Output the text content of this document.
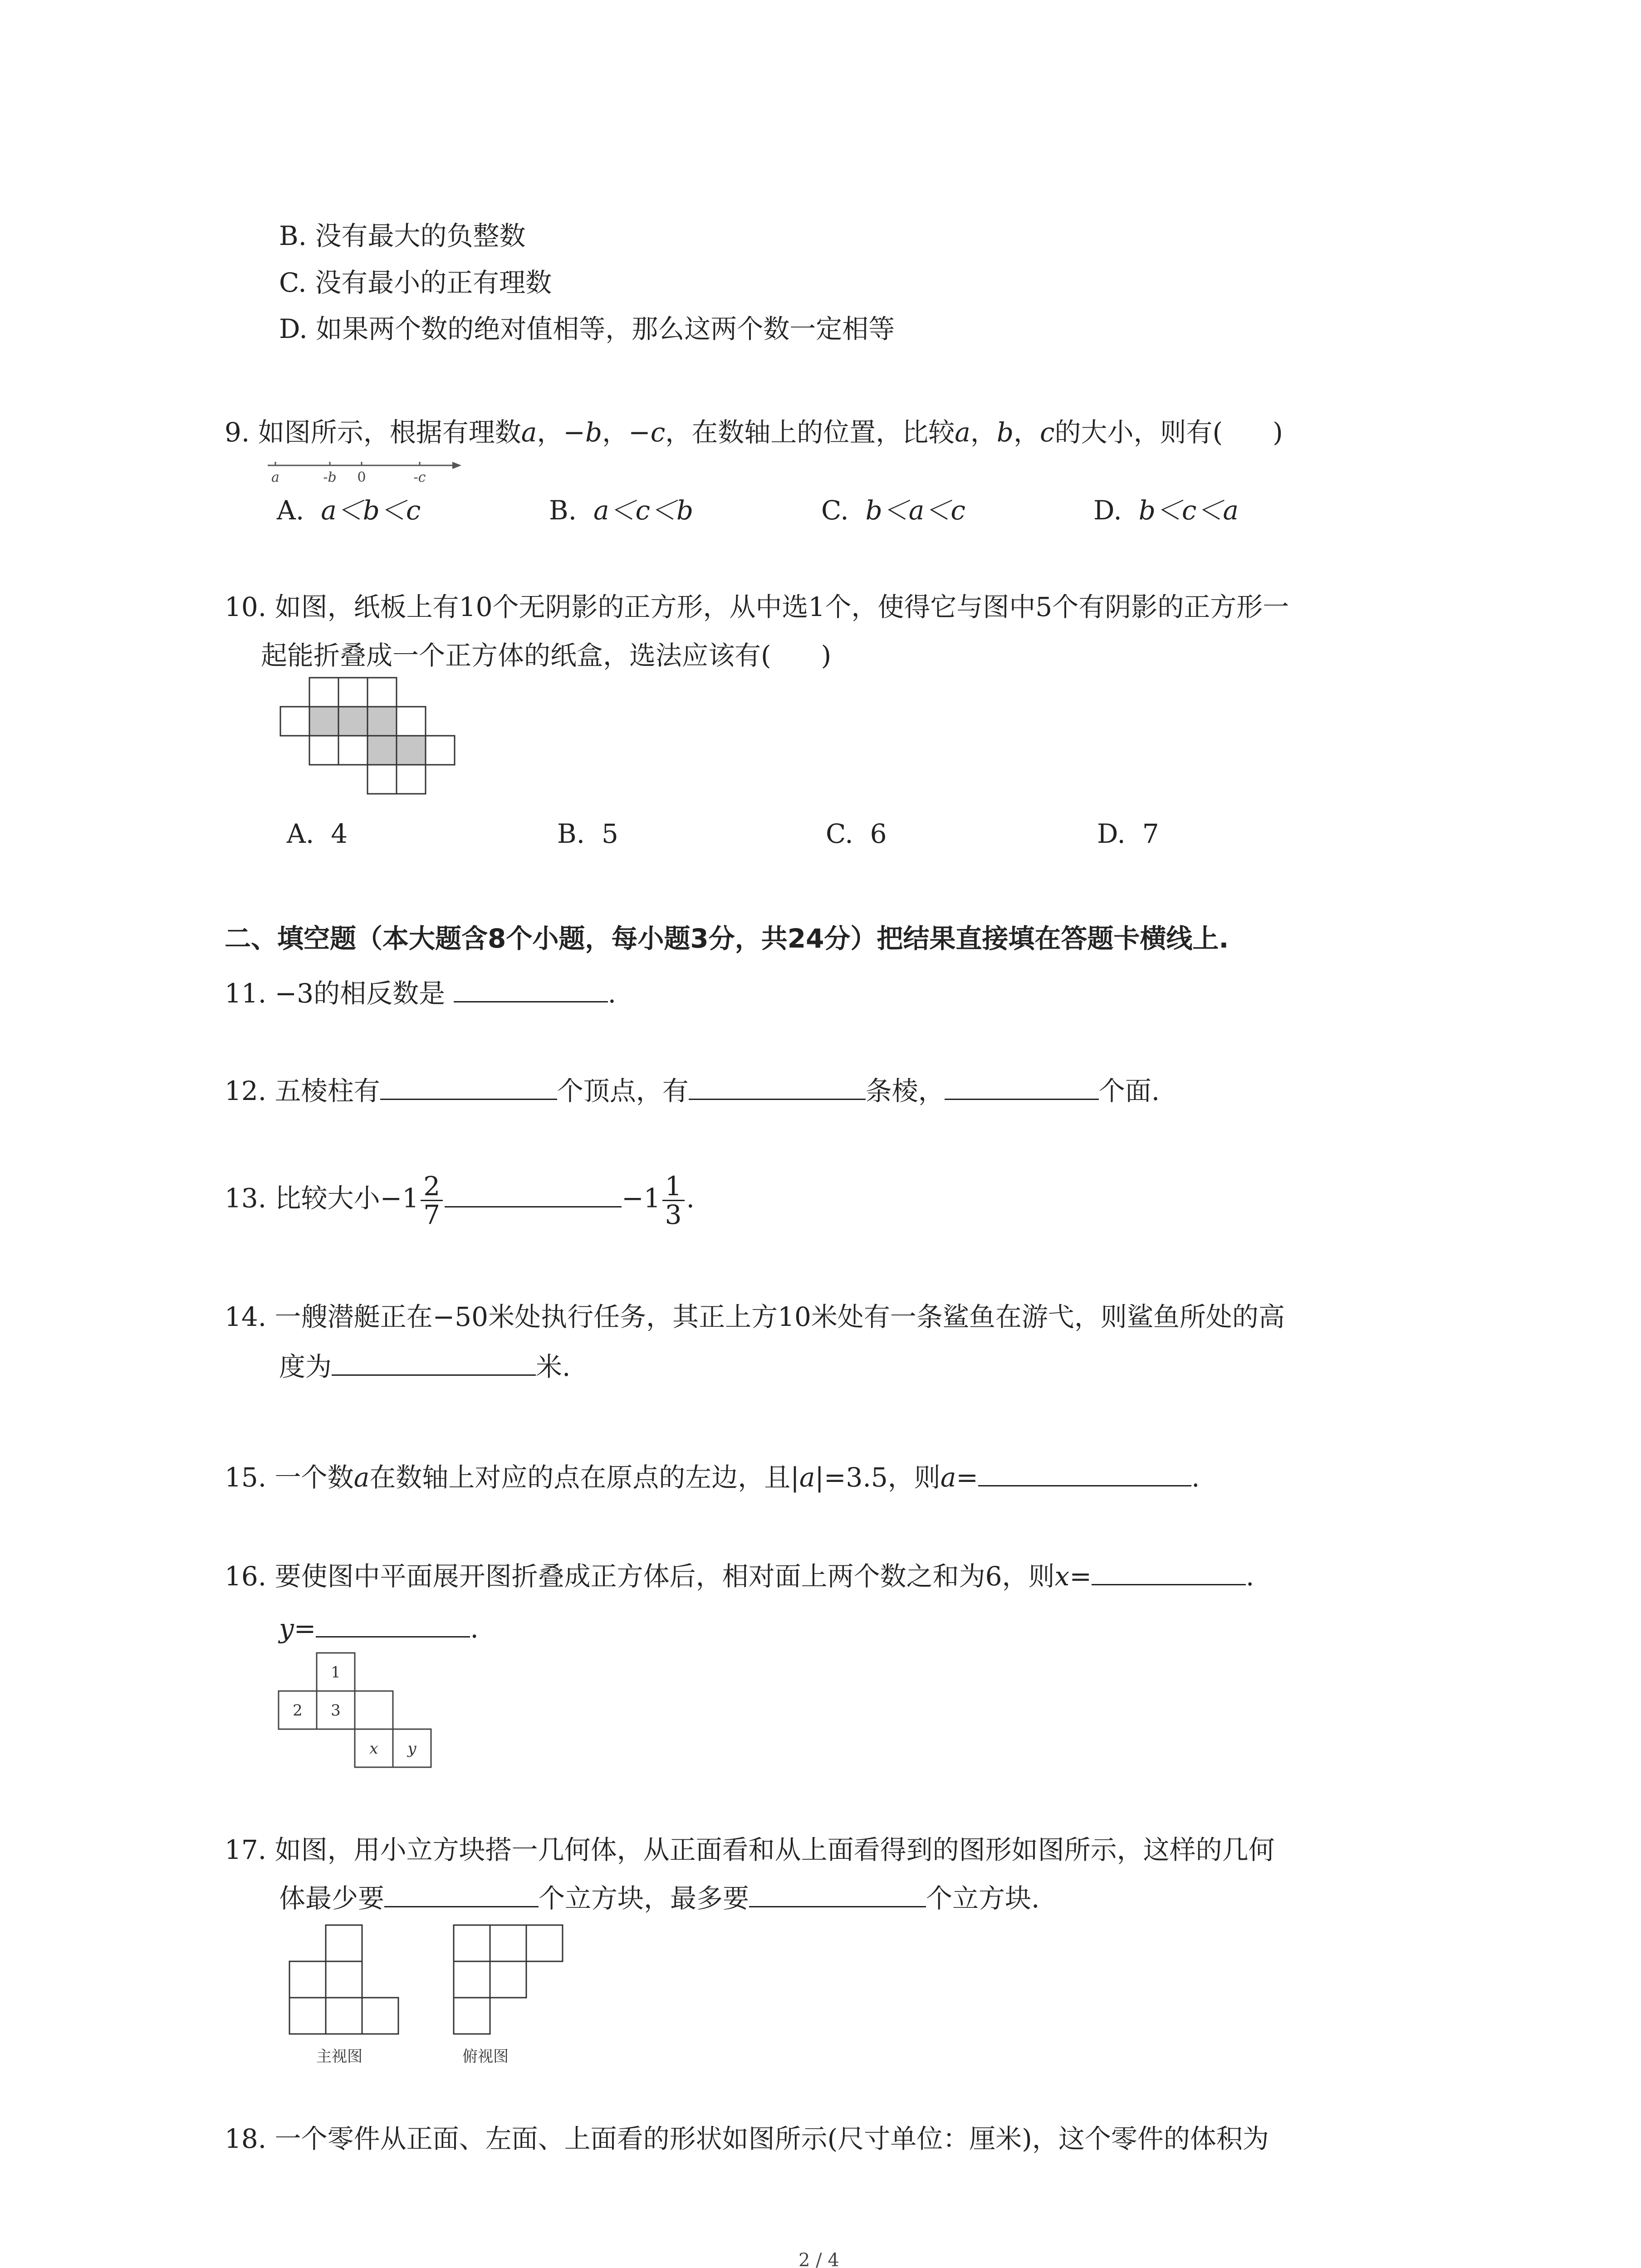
B. 没有最大的负整数
C. 没有最小的正有理数
D. 如果两个数的绝对值相等，那么这两个数一定相等
9. 如图所示，根据有理数a，−b，−c，在数轴上的位置，比较a，b，c的大小，则有( )
a	-b 0	-c
A. a＜b＜c	B. a＜c＜b	C. b＜a＜c	D. b＜c＜a
10. 如图，纸板上有10个无阴影的正方形，从中选1个，使得它与图中5个有阴影的正方形一
起能折叠成一个正方体的纸盒，选法应该有( )
A. 4	B. 5	C. 6	D. 7
二、填空题（本大题含8个小题，每小题3分，共24分）把结果直接填在答题卡横线上.
11. −3的相反数是	.
12. 五棱柱有	个顶点，有	条棱，	个面.
13. 比较大小$-1 \frac{2}{7}$	$-1 \frac{1}{3}$ .
14. 一艘潜艇正在−50米处执行任务，其正上方10米处有一条鲨鱼在游弋，则鲨鱼所处的高
度为	米.
15. 一个数a在数轴上对应的点在原点的左边，且|a|=3.5，则a=	.
16. 要使图中平面展开图折叠成正方体后，相对面上两个数之和为6，则x=	.
y=	.
1
2 3
x y
17. 如图，用小立方块搭一几何体，从正面看和从上面看得到的图形如图所示，这样的几何
体最少要	个立方块，最多要	个立方块.
主视图	俯视图
18. 一个零件从正面、左面、上面看的形状如图所示(尺寸单位：厘米)，这个零件的体积为
2 / 4
